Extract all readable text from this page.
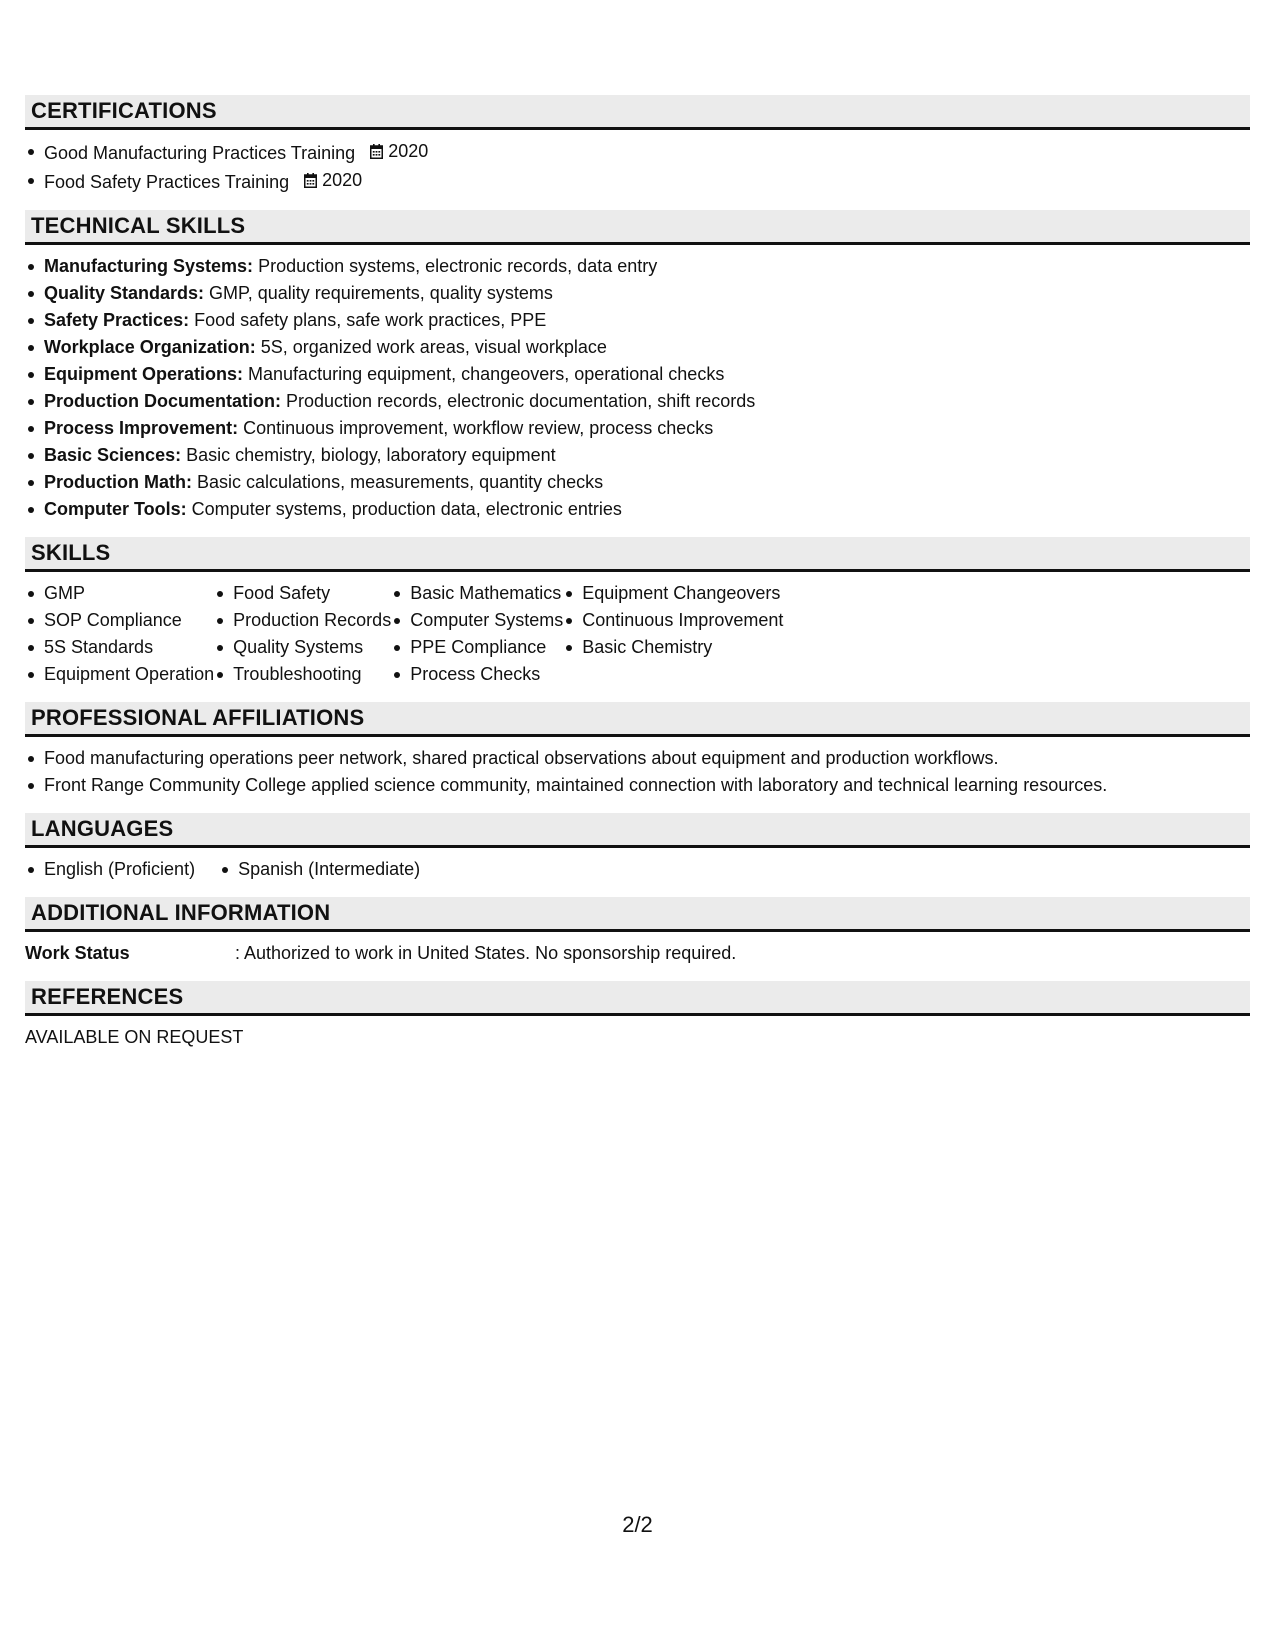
CERTIFICATIONS
Good Manufacturing Practices Training 2020
Food Safety Practices Training 2020
TECHNICAL SKILLS
Manufacturing Systems: Production systems, electronic records, data entry
Quality Standards: GMP, quality requirements, quality systems
Safety Practices: Food safety plans, safe work practices, PPE
Workplace Organization: 5S, organized work areas, visual workplace
Equipment Operations: Manufacturing equipment, changeovers, operational checks
Production Documentation: Production records, electronic documentation, shift records
Process Improvement: Continuous improvement, workflow review, process checks
Basic Sciences: Basic chemistry, biology, laboratory equipment
Production Math: Basic calculations, measurements, quantity checks
Computer Tools: Computer systems, production data, electronic entries
SKILLS
GMP
SOP Compliance
5S Standards
Equipment Operation
Food Safety
Production Records
Quality Systems
Troubleshooting
Basic Mathematics
Computer Systems
PPE Compliance
Process Checks
Equipment Changeovers
Continuous Improvement
Basic Chemistry
PROFESSIONAL AFFILIATIONS
Food manufacturing operations peer network, shared practical observations about equipment and production workflows.
Front Range Community College applied science community, maintained connection with laboratory and technical learning resources.
LANGUAGES
English (Proficient)	Spanish (Intermediate)
ADDITIONAL INFORMATION
Work Status	: Authorized to work in United States. No sponsorship required.
REFERENCES
AVAILABLE ON REQUEST
2/2
